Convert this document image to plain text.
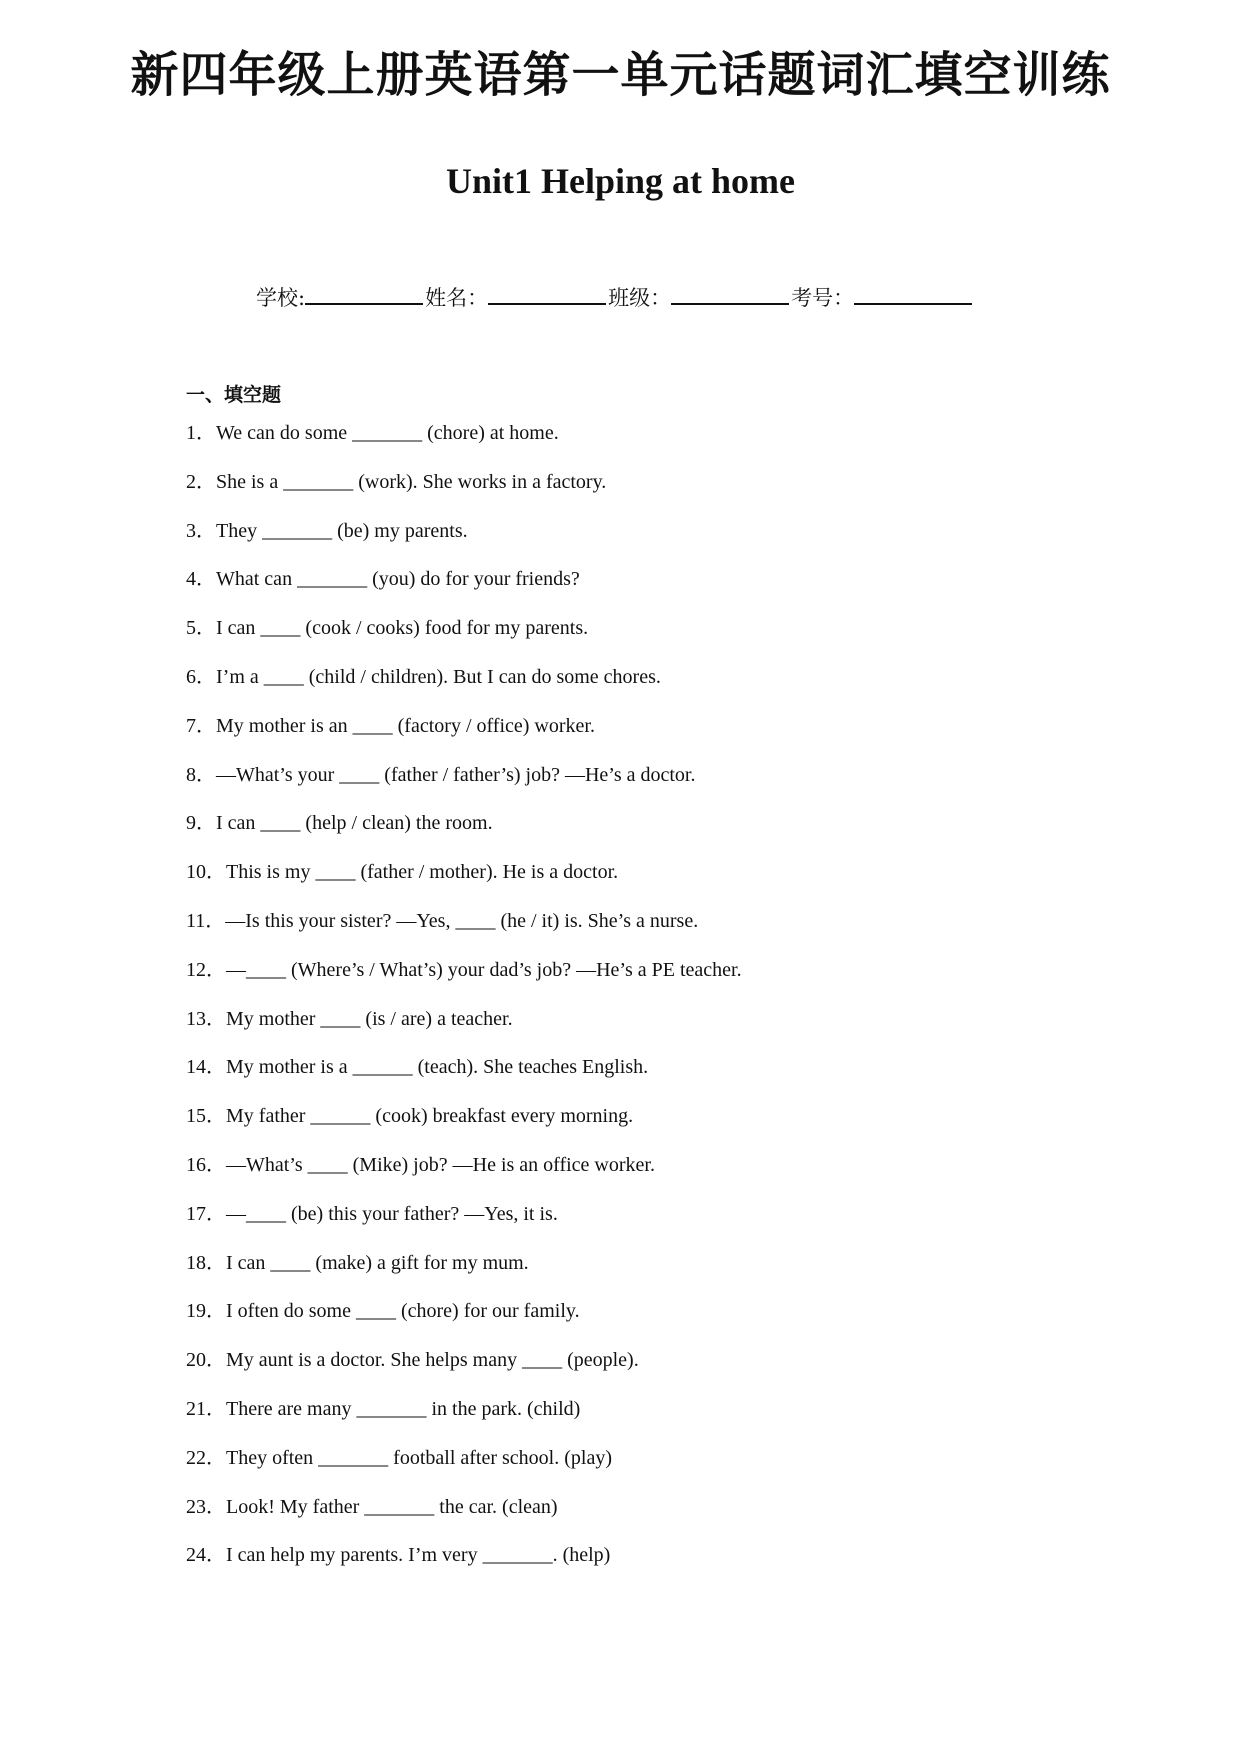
新四年级上册英语第一单元话题词汇填空训练
Unit1 Helping at home
学校:	姓名：	班级：	考号：
一、填空题
1．We can do some _______ (chore) at home.
2．She is a _______ (work). She works in a factory.
3．They _______ (be) my parents.
4．What can _______ (you) do for your friends?
5．I can ____ (cook / cooks) food for my parents.
6．I’m a ____ (child / children). But I can do some chores.
7．My mother is an ____ (factory / office) worker.
8．—What’s your ____ (father / father’s) job? —He’s a doctor.
9．I can ____ (help / clean) the room.
10．This is my ____ (father / mother). He is a doctor.
11．—Is this your sister? —Yes, ____ (he / it) is. She’s a nurse.
12．—____ (Where’s / What’s) your dad’s job? —He’s a PE teacher.
13．My mother ____ (is / are) a teacher.
14．My mother is a ______ (teach). She teaches English.
15．My father ______ (cook) breakfast every morning.
16．—What’s ____ (Mike) job? —He is an office worker.
17．—____ (be) this your father? —Yes, it is.
18．I can ____ (make) a gift for my mum.
19．I often do some ____ (chore) for our family.
20．My aunt is a doctor. She helps many ____ (people).
21．There are many _______ in the park. (child)
22．They often _______ football after school. (play)
23．Look! My father _______ the car. (clean)
24．I can help my parents. I’m very _______. (help)
